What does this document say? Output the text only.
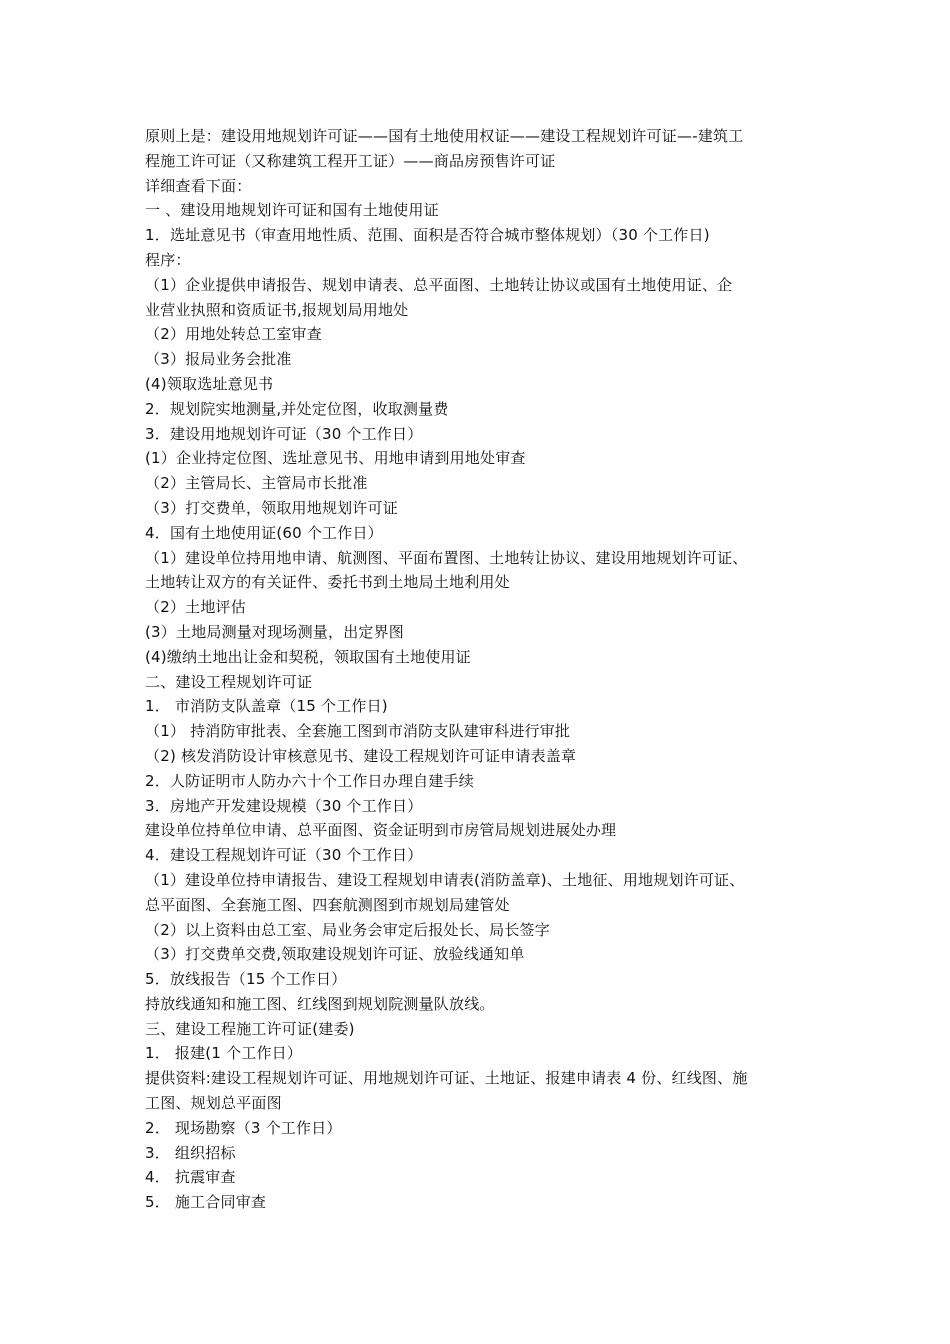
原则上是：建设用地规划许可证——国有土地使用权证——建设工程规划许可证—-建筑工
程施工许可证（又称建筑工程开工证）——商品房预售许可证
详细查看下面：
一 、建设用地规划许可证和国有土地使用证
1．选址意见书（审查用地性质、范围、面积是否符合城市整体规划）（30 个工作日)
程序：
（1）企业提供申请报告、规划申请表、总平面图、土地转让协议或国有土地使用证、企
业营业执照和资质证书,报规划局用地处
（2）用地处转总工室审查
（3）报局业务会批准
(4)领取选址意见书
2．规划院实地测量,并处定位图，收取测量费
3．建设用地规划许可证（30 个工作日）
(1）企业持定位图、选址意见书、用地申请到用地处审查
（2）主管局长、主管局市长批准
（3）打交费单，领取用地规划许可证
4．国有土地使用证(60 个工作日）
（1）建设单位持用地申请、航测图、平面布置图、土地转让协议、建设用地规划许可证、
土地转让双方的有关证件、委托书到土地局土地利用处
（2）土地评估
(3）土地局测量对现场测量，出定界图
(4)缴纳土地出让金和契税，领取国有土地使用证
二、建设工程规划许可证
1． 市消防支队盖章（15 个工作日)
（1） 持消防审批表、全套施工图到市消防支队建审科进行审批
（2) 核发消防设计审核意见书、建设工程规划许可证申请表盖章
2．人防证明市人防办六十个工作日办理自建手续
3．房地产开发建设规模（30 个工作日）
建设单位持单位申请、总平面图、资金证明到市房管局规划进展处办理
4．建设工程规划许可证（30 个工作日）
（1）建设单位持申请报告、建设工程规划申请表(消防盖章)、土地征、用地规划许可证、
总平面图、全套施工图、四套航测图到市规划局建管处
（2）以上资料由总工室、局业务会审定后报处长、局长签字
（3）打交费单交费,领取建设规划许可证、放验线通知单
5．放线报告（15 个工作日）
持放线通知和施工图、红线图到规划院测量队放线。
三、建设工程施工许可证(建委)
1． 报建(1 个工作日）
提供资料:建设工程规划许可证、用地规划许可证、土地证、报建申请表 4 份、红线图、施
工图、规划总平面图
2． 现场勘察（3 个工作日）
3． 组织招标
4． 抗震审查
5． 施工合同审查
